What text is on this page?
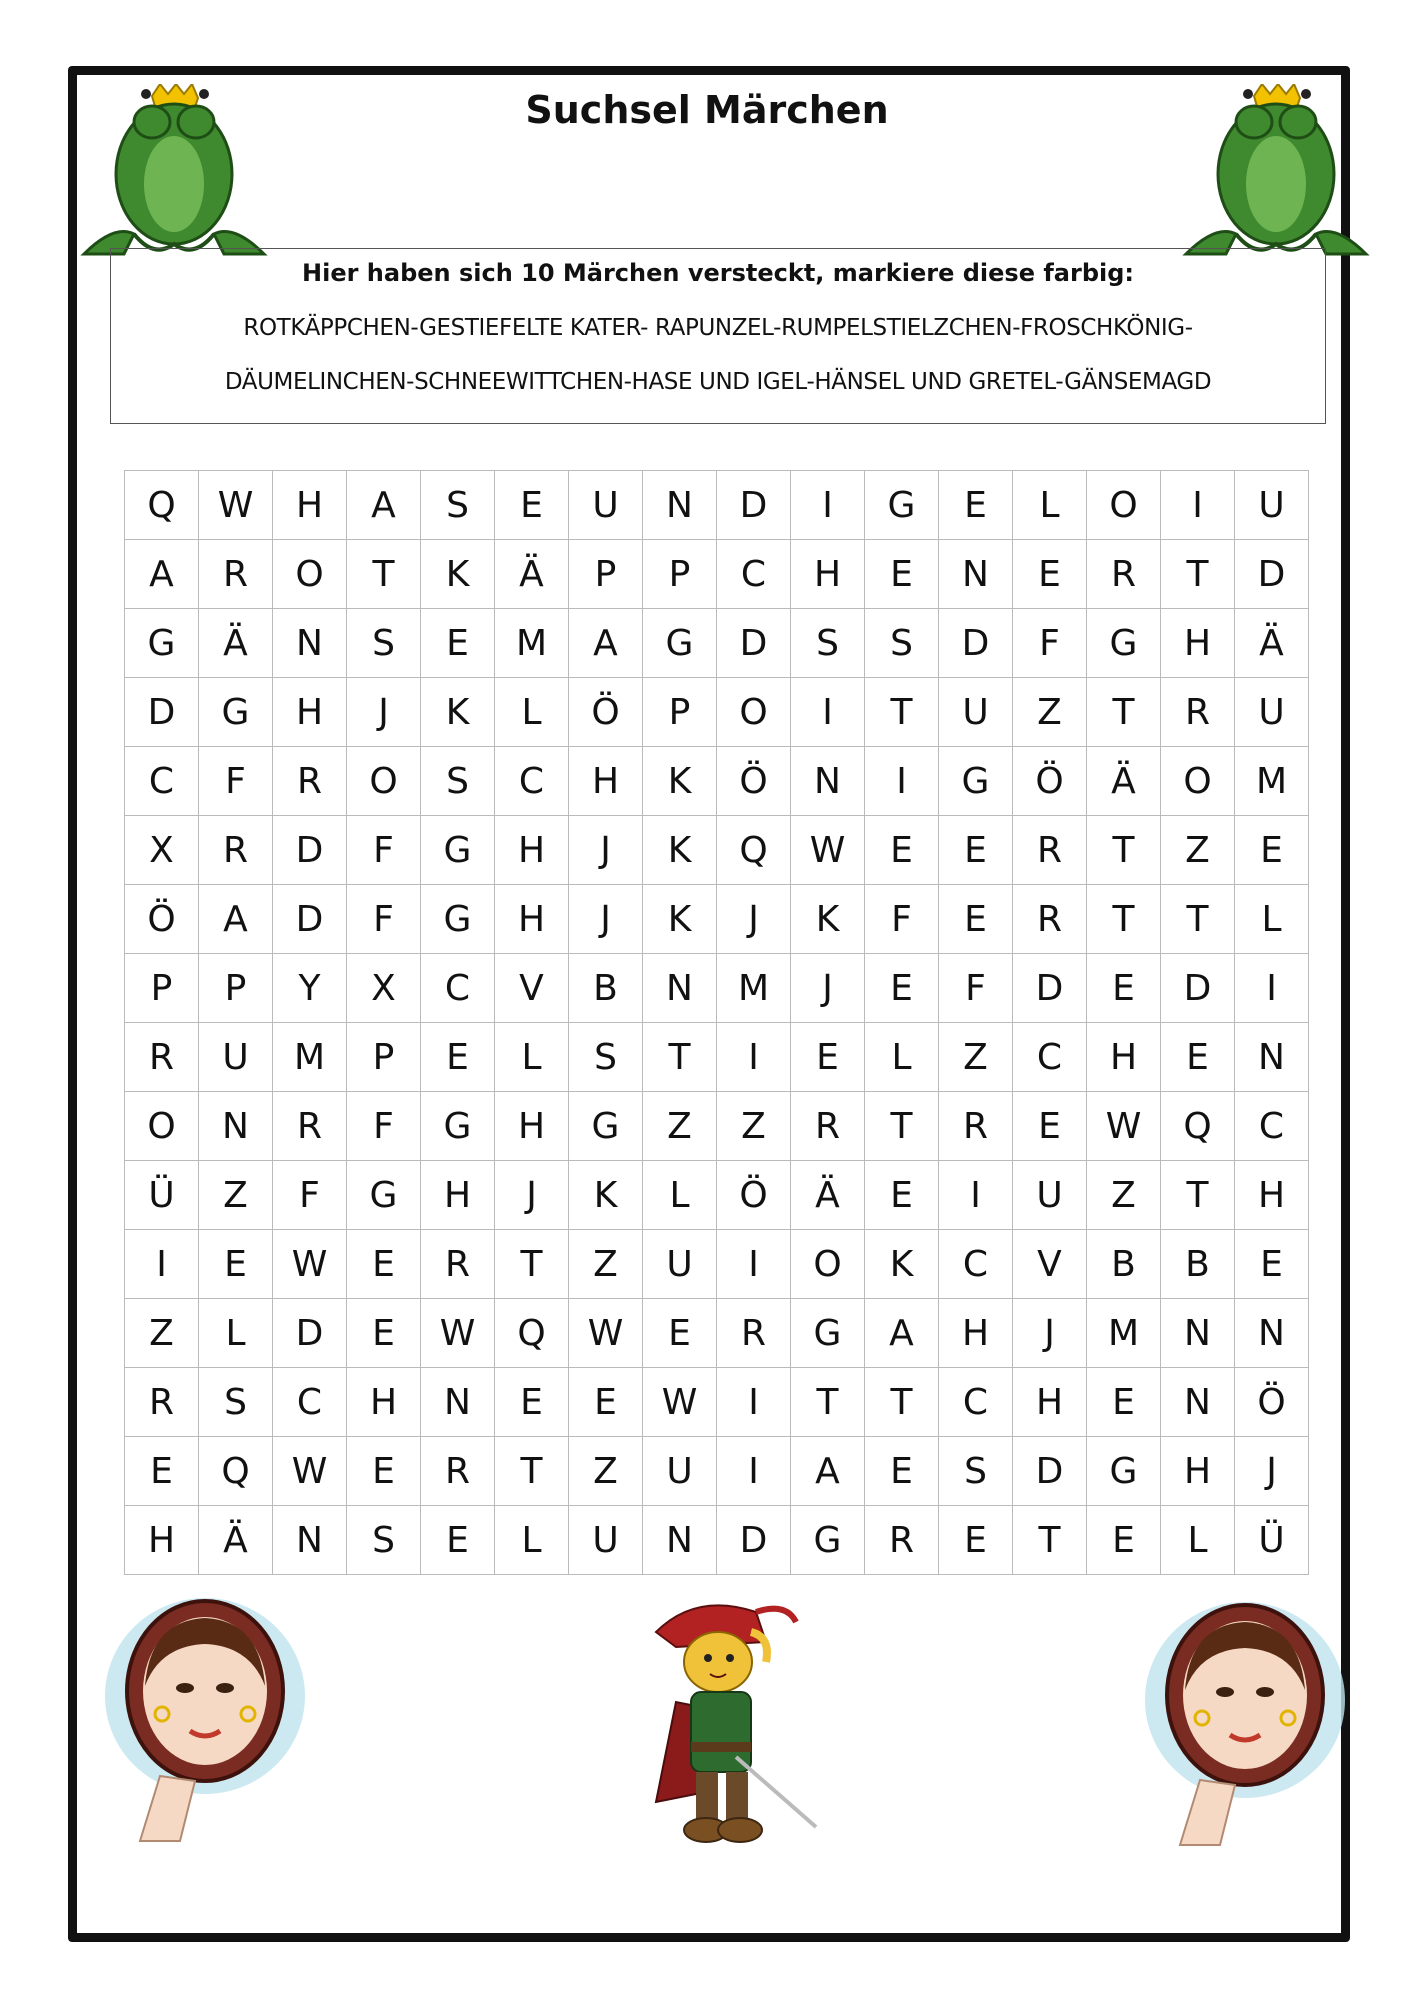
Suchsel Märchen
Hier haben sich 10 Märchen versteckt, markiere diese farbig:
ROTKÄPPCHEN-GESTIEFELTE KATER- RAPUNZEL-RUMPELSTIELZCHEN-FROSCHKÖNIG-
DÄUMELINCHEN-SCHNEEWITTCHEN-HASE UND IGEL-HÄNSEL UND GRETEL-GÄNSEMAGD
Q	W	H	A	S	E	U	N	D	I	G	E	L	O	I	U
A	R	O	T	K	Ä	P	P	C	H	E	N	E	R	T	D
G	Ä	N	S	E	M	A	G	D	S	S	D	F	G	H	Ä
D	G	H	J	K	L	Ö	P	O	I	T	U	Z	T	R	U
C	F	R	O	S	C	H	K	Ö	N	I	G	Ö	Ä	O	M
X	R	D	F	G	H	J	K	Q	W	E	E	R	T	Z	E
Ö	A	D	F	G	H	J	K	J	K	F	E	R	T	T	L
P	P	Y	X	C	V	B	N	M	J	E	F	D	E	D	I
R	U	M	P	E	L	S	T	I	E	L	Z	C	H	E	N
O	N	R	F	G	H	G	Z	Z	R	T	R	E	W	Q	C
Ü	Z	F	G	H	J	K	L	Ö	Ä	E	I	U	Z	T	H
I	E	W	E	R	T	Z	U	I	O	K	C	V	B	B	E
Z	L	D	E	W	Q	W	E	R	G	A	H	J	M	N	N
R	S	C	H	N	E	E	W	I	T	T	C	H	E	N	Ö
E	Q	W	E	R	T	Z	U	I	A	E	S	D	G	H	J
H	Ä	N	S	E	L	U	N	D	G	R	E	T	E	L	Ü
